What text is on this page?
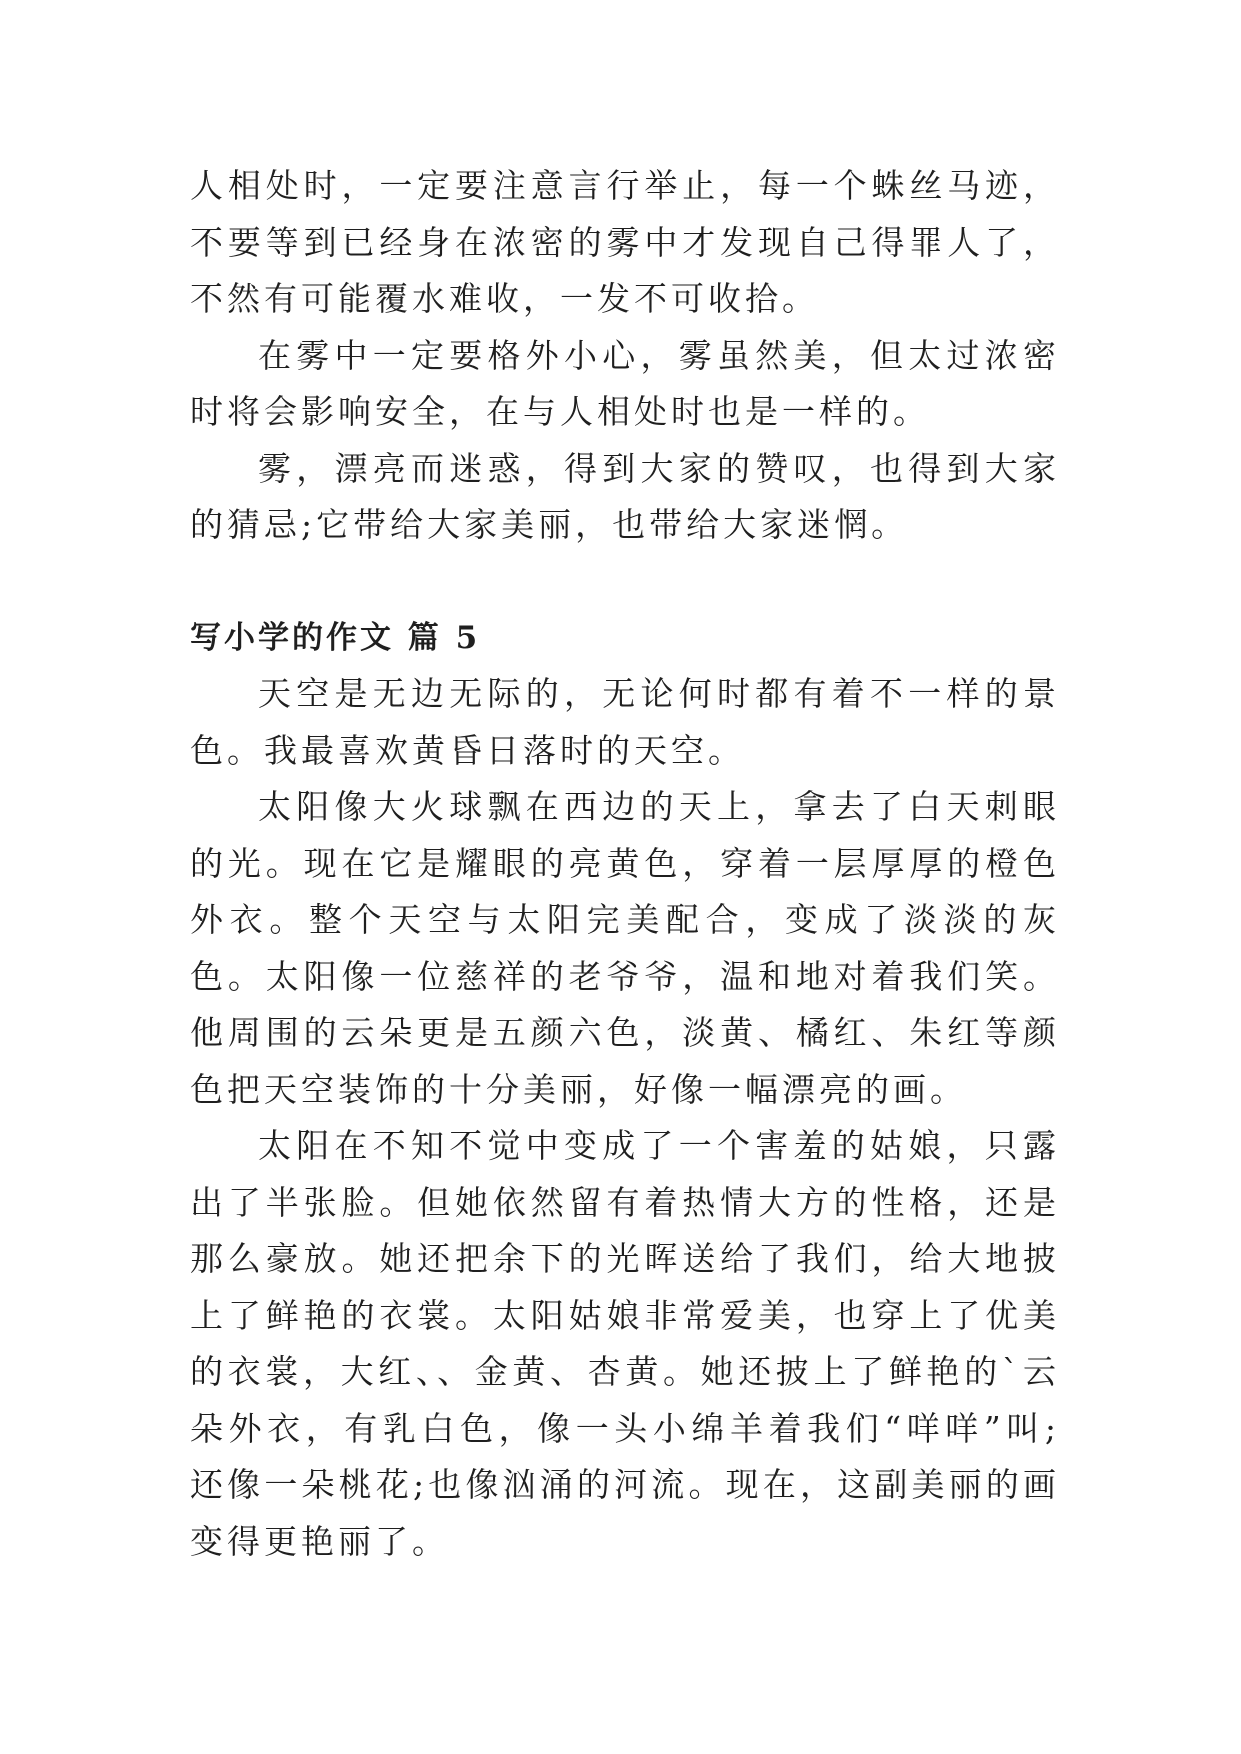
人相处时，一定要注意言行举止，每一个蛛丝马迹，不要等到已经身在浓密的雾中才发现自己得罪人了，不然有可能覆水难收，一发不可收拾。

在雾中一定要格外小心，雾虽然美，但太过浓密时将会影响安全，在与人相处时也是一样的。

雾，漂亮而迷惑，得到大家的赞叹，也得到大家的猜忌;它带给大家美丽，也带给大家迷惘。

写小学的作文 篇 5

天空是无边无际的，无论何时都有着不一样的景色。我最喜欢黄昏日落时的天空。

太阳像大火球飘在西边的天上，拿去了白天刺眼的光。现在它是耀眼的亮黄色，穿着一层厚厚的橙色外衣。整个天空与太阳完美配合，变成了淡淡的灰色。太阳像一位慈祥的老爷爷，温和地对着我们笑。他周围的云朵更是五颜六色，淡黄、橘红、朱红等颜色把天空装饰的十分美丽，好像一幅漂亮的画。

太阳在不知不觉中变成了一个害羞的姑娘，只露出了半张脸。但她依然留有着热情大方的性格，还是那么豪放。她还把余下的光晖送给了我们，给大地披上了鲜艳的衣裳。太阳姑娘非常爱美，也穿上了优美的衣裳，大红、、金黄、杏黄。她还披上了鲜艳的`云朵外衣，有乳白色，像一头小绵羊着我们“咩咩”叫;还像一朵桃花;也像汹涌的河流。现在，这副美丽的画变得更艳丽了。
